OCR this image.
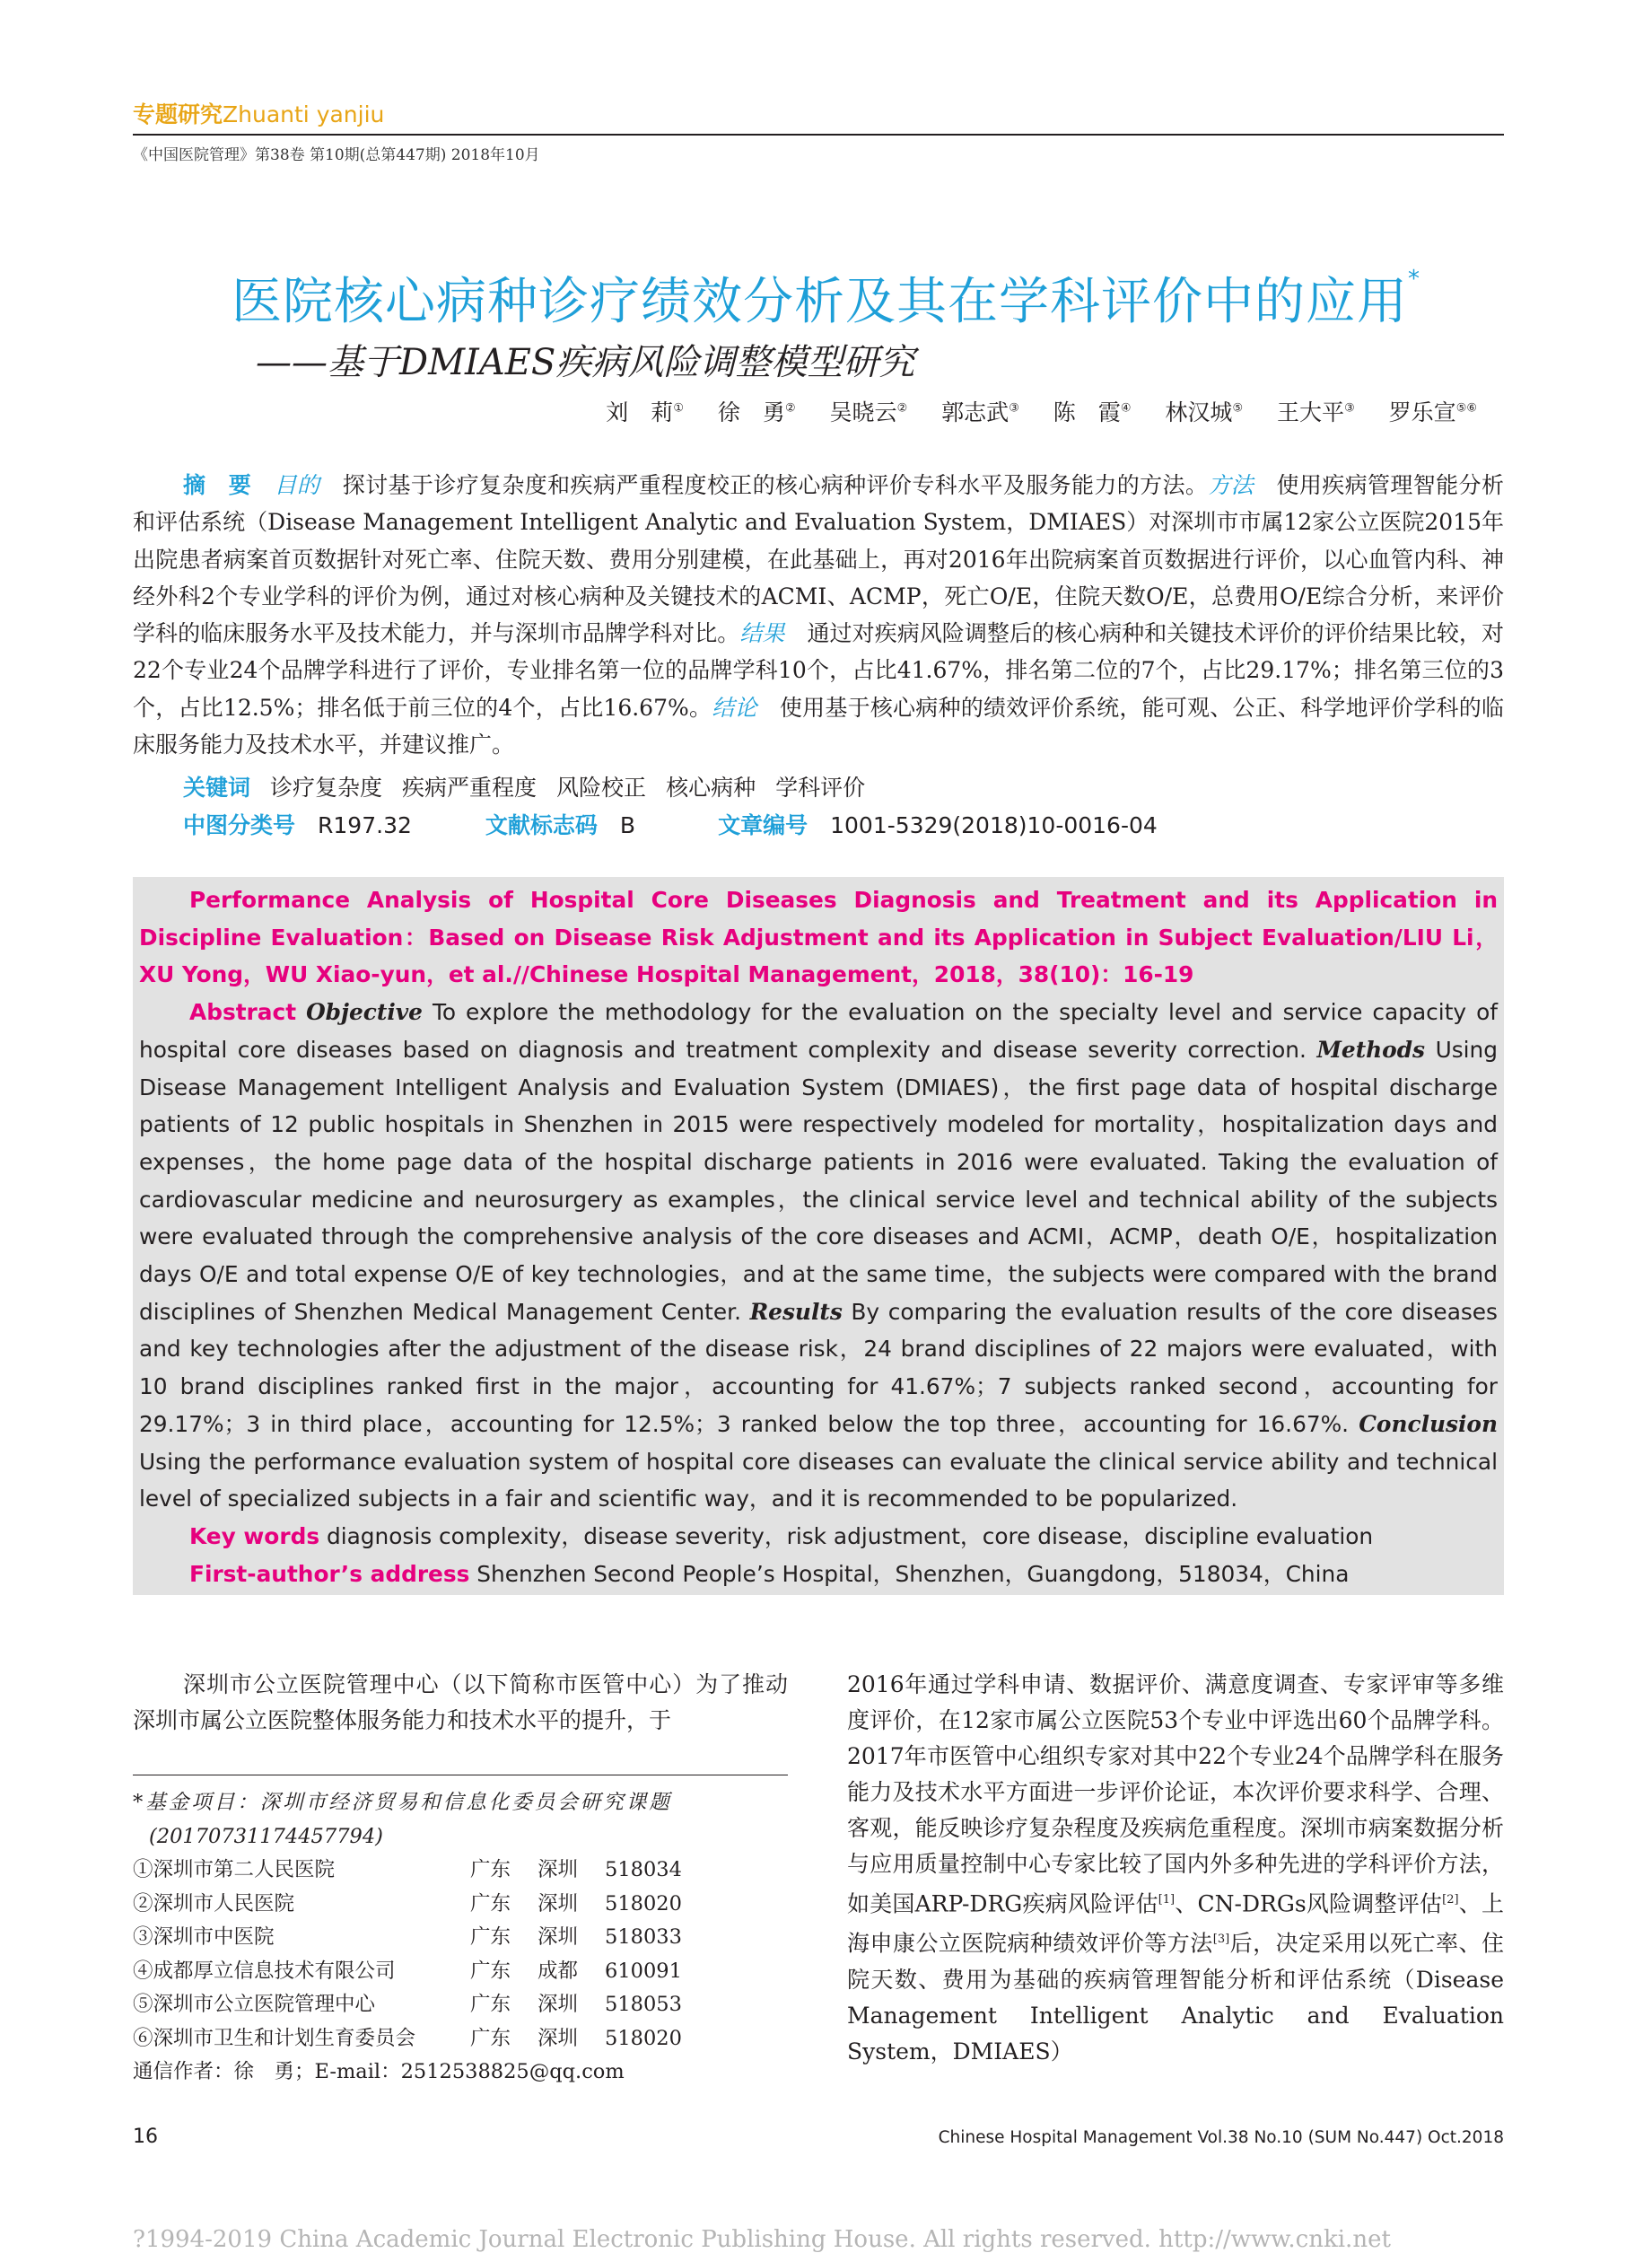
专题研究Zhuanti yanjiu
《中国医院管理》第38卷 第10期(总第447期) 2018年10月
医院核心病种诊疗绩效分析及其在学科评价中的应用*
——基于DMIAES疾病风险调整模型研究
刘　莉① 徐　勇② 吴晓云② 郭志武③ 陈　霞④ 林汉城⑤ 王大平③ 罗乐宣⑤⑥
摘　要　 目的　 探讨基于诊疗复杂度和疾病严重程度校正的核心病种评价专科水平及服务能力的方法。方法　 使用疾病管理智能分析和评估系统（Disease Management Intelligent Analytic and Evaluation System，DMIAES）对深圳市市属12家公立医院2015年出院患者病案首页数据针对死亡率、住院天数、费用分别建模，在此基础上，再对2016年出院病案首页数据进行评价，以心血管内科、神经外科2个专业学科的评价为例，通过对核心病种及关键技术的ACMI、ACMP，死亡O/E，住院天数O/E，总费用O/E综合分析，来评价学科的临床服务水平及技术能力，并与深圳市品牌学科对比。结果　 通过对疾病风险调整后的核心病种和关键技术评价的评价结果比较，对22个专业24个品牌学科进行了评价，专业排名第一位的品牌学科10个，占比41.67%，排名第二位的7个，占比29.17%；排名第三位的3个，占比12.5%；排名低于前三位的4个，占比16.67%。结论　 使用基于核心病种的绩效评价系统，能可观、公正、科学地评价学科的临床服务能力及技术水平，并建议推广。
关键词 诊疗复杂度 疾病严重程度 风险校正 核心病种 学科评价
中图分类号　 R197.32	文献标志码　 B	文章编号　 1001-5329(2018)10-0016-04

Performance Analysis of Hospital Core Diseases Diagnosis and Treatment and its Application in Discipline Evaluation：Based on Disease Risk Adjustment and its Application in Subject Evaluation/LIU Li，XU Yong，WU Xiao-yun，et al.//Chinese Hospital Management，2018，38(10)：16-19

Abstract Objective To explore the methodology for the evaluation on the specialty level and service capacity of hospital core diseases based on diagnosis and treatment complexity and disease severity correction. Methods Using Disease Management Intelligent Analysis and Evaluation System (DMIAES)，the first page data of hospital discharge patients of 12 public hospitals in Shenzhen in 2015 were respectively modeled for mortality，hospitalization days and expenses，the home page data of the hospital discharge patients in 2016 were evaluated. Taking the evaluation of cardiovascular medicine and neurosurgery as examples，the clinical service level and technical ability of the subjects were evaluated through the comprehensive analysis of the core diseases and ACMI，ACMP，death O/E，hospitalization days O/E and total expense O/E of key technologies，and at the same time，the subjects were compared with the brand disciplines of Shenzhen Medical Management Center. Results By comparing the evaluation results of the core diseases and key technologies after the adjustment of the disease risk，24 brand disciplines of 22 majors were evaluated，with 10 brand disciplines ranked first in the major，accounting for 41.67%；7 subjects ranked second，accounting for 29.17%；3 in third place，accounting for 12.5%；3 ranked below the top three，accounting for 16.67%. Conclusion Using the performance evaluation system of hospital core diseases can evaluate the clinical service ability and technical level of specialized subjects in a fair and scientific way，and it is recommended to be popularized.

Key words diagnosis complexity，disease severity，risk adjustment，core disease，discipline evaluation

First-author’s address Shenzhen Second People’s Hospital，Shenzhen，Guangdong，518034，China

深圳市公立医院管理中心（以下简称市医管中心）为了推动深圳市属公立医院整体服务能力和技术水平的提升，于

*基金项目：深圳市经济贸易和信息化委员会研究课题
(20170731174457794)
①深圳市第二人民医院	广东	深圳	518034
②深圳市人民医院	广东	深圳	518020
③深圳市中医院	广东	深圳	518033
④成都厚立信息技术有限公司	广东	成都	610091
⑤深圳市公立医院管理中心	广东	深圳	518053
⑥深圳市卫生和计划生育委员会	广东	深圳	518020
通信作者：徐　勇；E-mail：2512538825@qq.com

2016年通过学科申请、数据评价、满意度调查、专家评审等多维度评价，在12家市属公立医院53个专业中评选出60个品牌学科。2017年市医管中心组织专家对其中22个专业24个品牌学科在服务能力及技术水平方面进一步评价论证，本次评价要求科学、合理、客观，能反映诊疗复杂程度及疾病危重程度。深圳市病案数据分析与应用质量控制中心专家比较了国内外多种先进的学科评价方法，如美国ARP-DRG疾病风险评估[1]、CN-DRGs风险调整评估[2]、上海申康公立医院病种绩效评价等方法[3]后，决定采用以死亡率、住院天数、费用为基础的疾病管理智能分析和评估系统（Disease Management Intelligent Analytic and Evaluation System，DMIAES）

16	Chinese Hospital Management Vol.38 No.10 (SUM No.447) Oct.2018
?1994-2019 China Academic Journal Electronic Publishing House. All rights reserved. http://www.cnki.net
